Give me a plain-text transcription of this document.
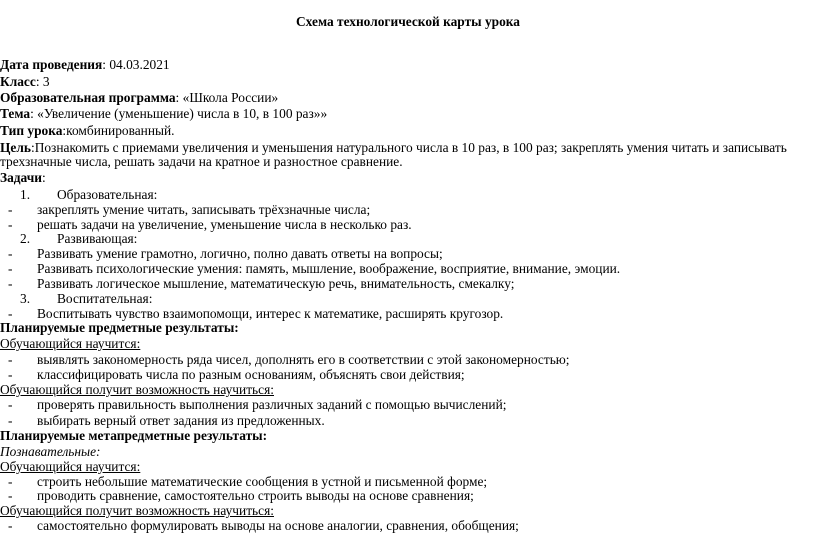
Схема технологической карты урока
Дата проведения: 04.03.2021
Класс: 3
Образовательная программа: «Школа России»
Тема: «Увеличение (уменьшение) числа в 10, в 100 раз»»
Тип урока:комбинированный.
Цель:Познакомить с приемами увеличения и уменьшения натурального числа в 10 раз, в 100 раз; закреплять умения читать и записывать
трехзначные числа, решать задачи на кратное и разностное сравнение.
Задачи:
1. Образовательная:
- закреплять умение читать, записывать трёхзначные числа;
- решать задачи на увеличение, уменьшение числа в несколько раз.
2. Развивающая:
- Развивать умение грамотно, логично, полно давать ответы на вопросы;
- Развивать психологические умения: память, мышление, воображение, восприятие, внимание, эмоции.
- Развивать логическое мышление, математическую речь, внимательность, смекалку;
3. Воспитательная:
- Воспитывать чувство взаимопомощи, интерес к математике, расширять кругозор.
Планируемые предметные результаты:
Обучающийся научится:
- выявлять закономерность ряда чисел, дополнять его в соответствии с этой закономерностью;
- классифицировать числа по разным основаниям, объяснять свои действия;
Обучающийся получит возможность научиться:
- проверять правильность выполнения различных заданий с помощью вычислений;
- выбирать верный ответ задания из предложенных.
Планируемые метапредметные результаты:
Познавательные:
Обучающийся научится:
- строить небольшие математические сообщения в устной и письменной форме;
- проводить сравнение, самостоятельно строить выводы на основе сравнения;
Обучающийся получит возможность научиться:
- самостоятельно формулировать выводы на основе аналогии, сравнения, обобщения;
